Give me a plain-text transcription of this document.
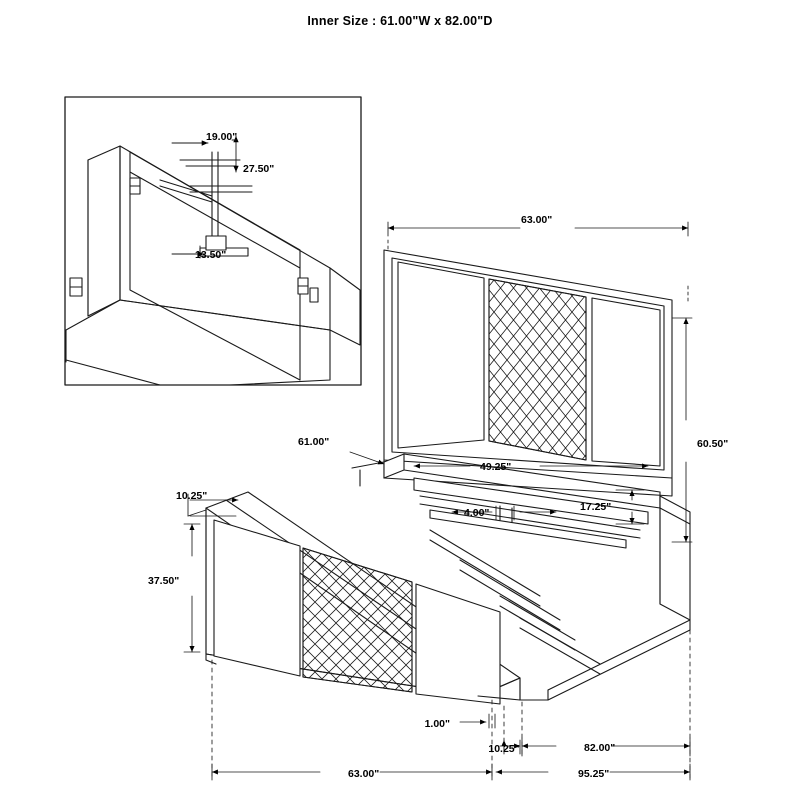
Inner Size : 61.00"W x 82.00"D
19.00"
27.50"
13.50"
63.00"
60.50"
49.25"
17.25"
4.00"
61.00"
10.25"
37.50"
1.00"
10.25"	82.00"
63.00"	95.25"
